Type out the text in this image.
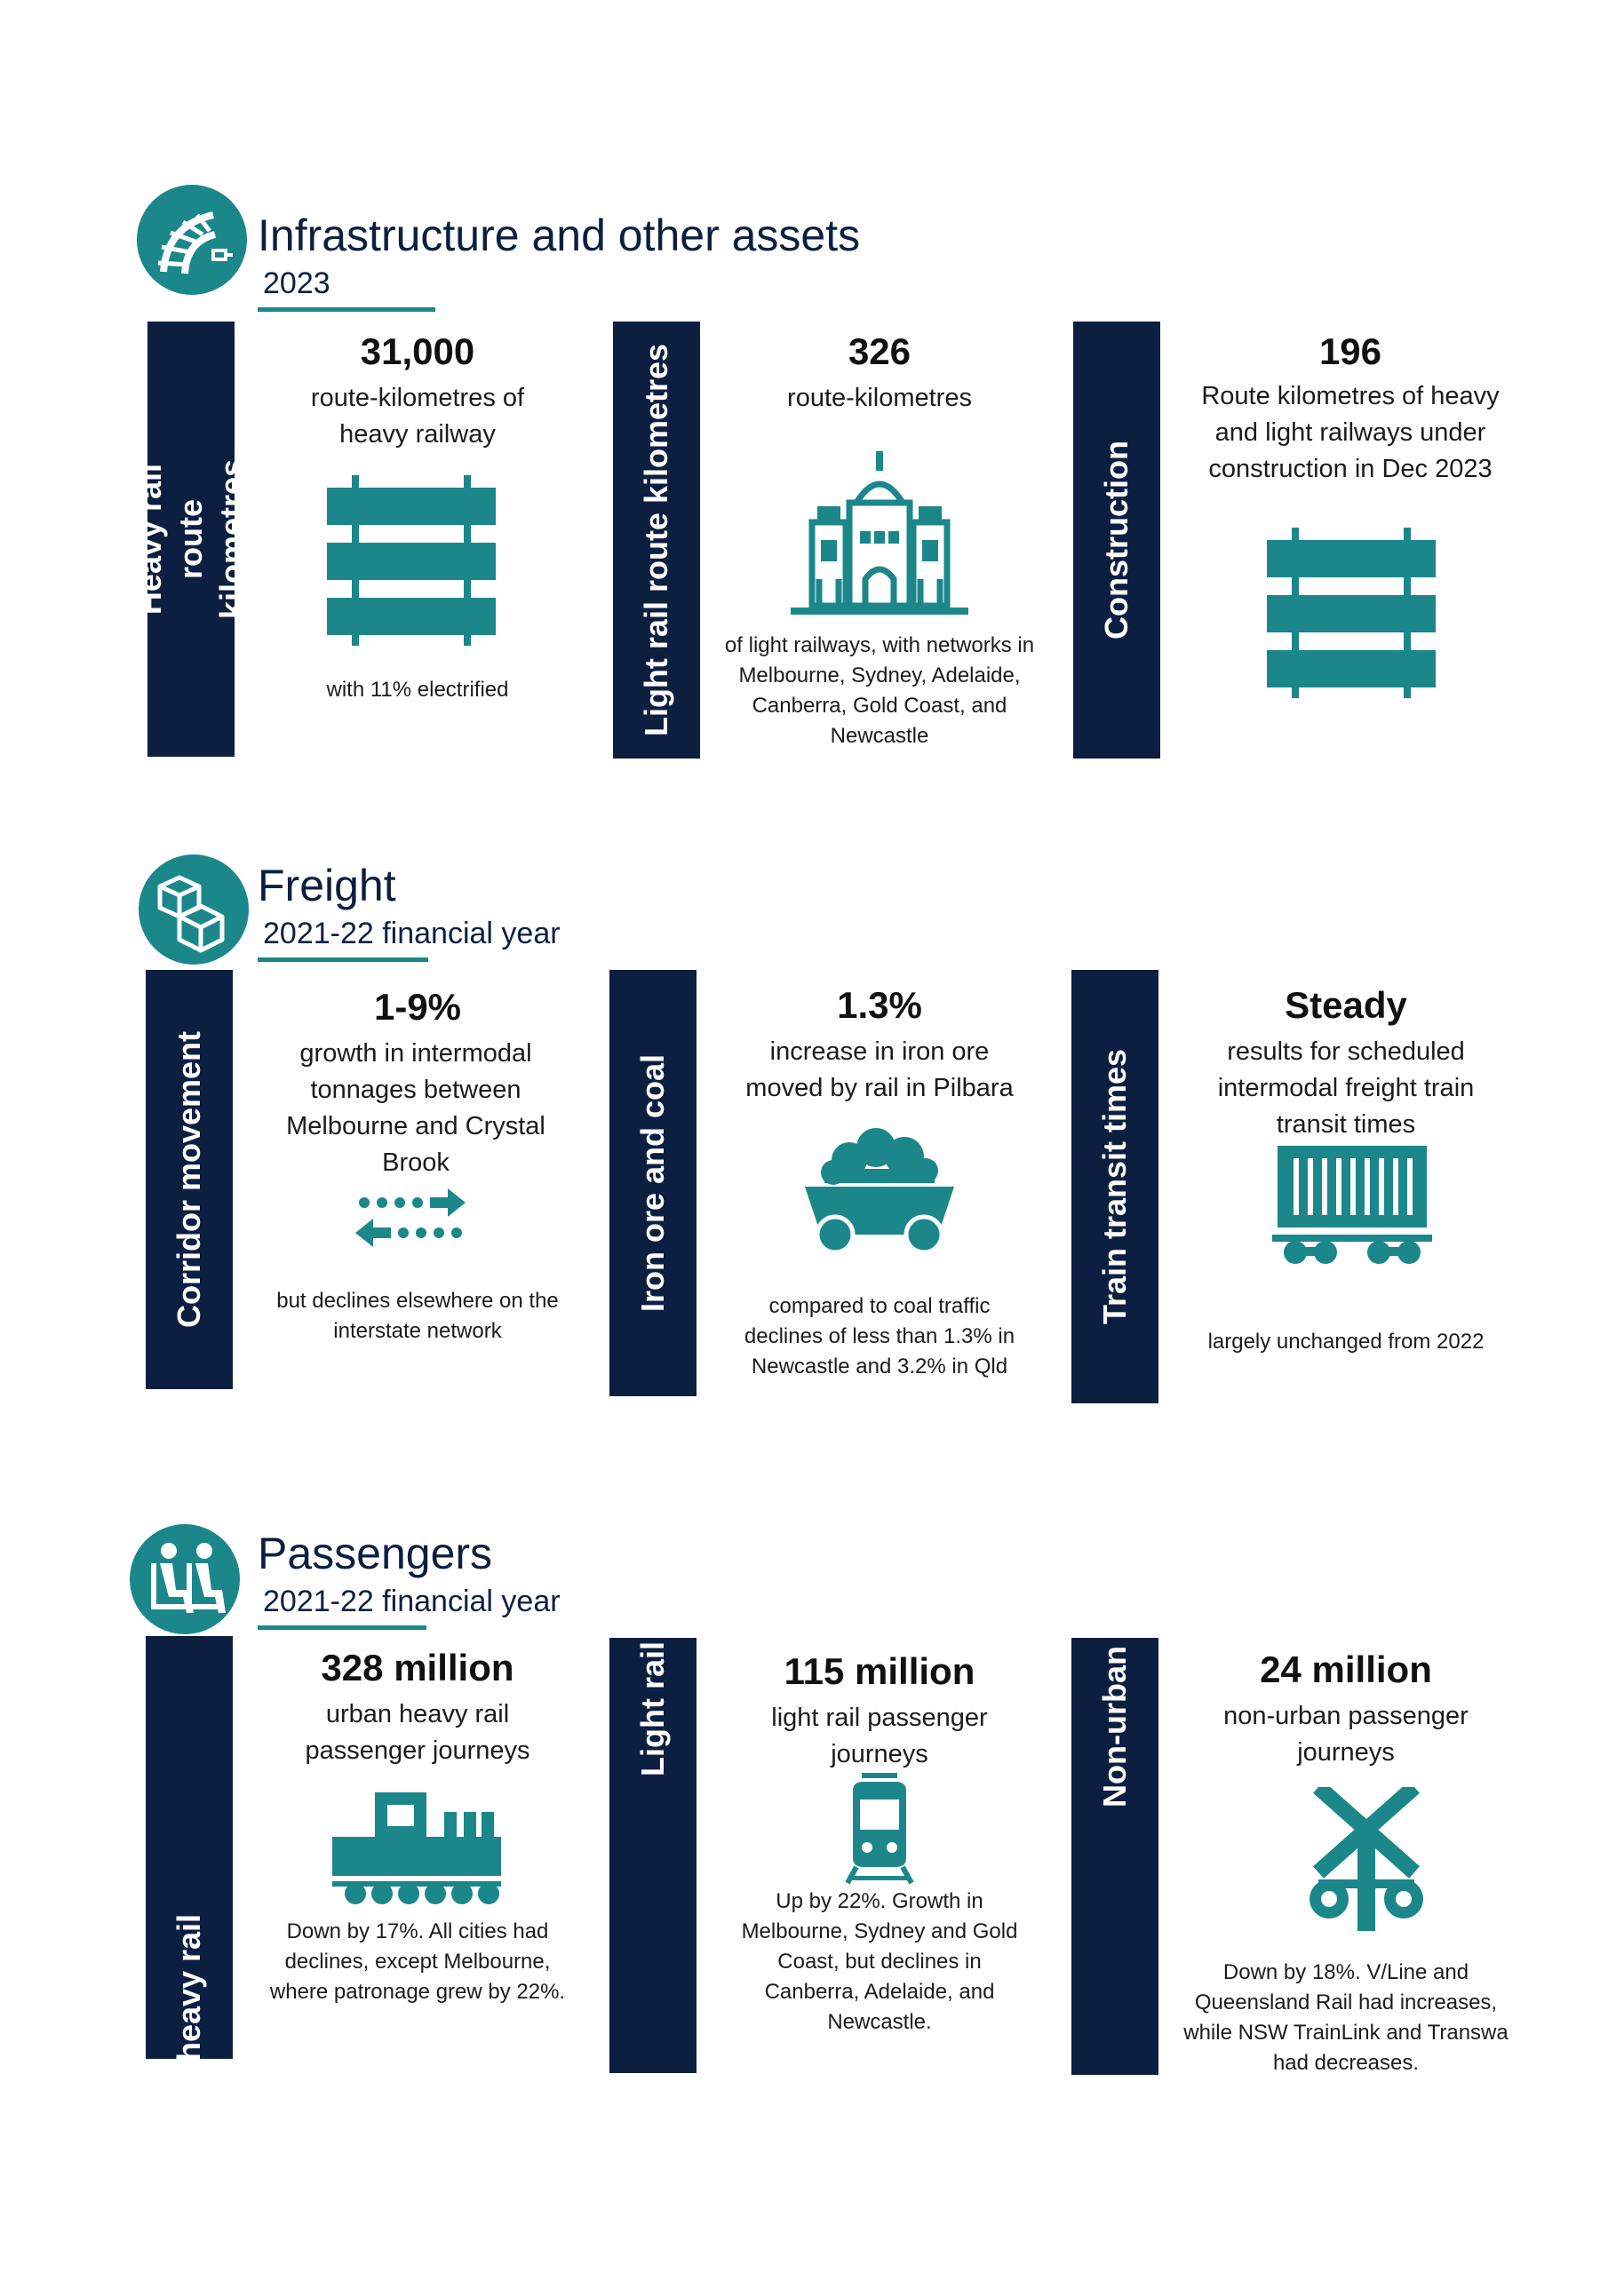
Infrastructure and other assets
2023
Heavy rail route
kilometres
31,000
route-kilometres of heavy railway
with 11% electrified	Light rail route kilometres	326
route-kilometres
of light railways, with networks in Melbourne, Sydney, Adelaide, Canberra, Gold Coast, and Newcastle
Construction
196
Route kilometres of heavy and light railways under construction in Dec 2023
Freight
2021-22 financial year
Corridor movement
1-9%
growth in intermodal tonnages between Melbourne and Crystal Brook
but declines elsewhere on the interstate network
Iron ore and coal
1.3%
increase in iron ore moved by rail in Pilbara
compared to coal traffic declines of less than 1.3% in Newcastle and 3.2% in Qld
Train transit times
Steady
results for scheduled intermodal freight train transit times
largely unchanged from 2022
Passengers
2021-22 financial year
Urban heavy rail
328 million
urban heavy rail passenger journeys
Down by 17%. All cities had declines, except Melbourne, where patronage grew by 22%.
Light rail	115 million
light rail passenger journeys
Up by 22%. Growth in Melbourne, Sydney and Gold Coast, but declines in Canberra, Adelaide, and Newcastle.
Non-urban	24 million
non-urban passenger journeys
Down by 18%. V/Line and Queensland Rail had increases, while NSW TrainLink and Transwa had decreases.
